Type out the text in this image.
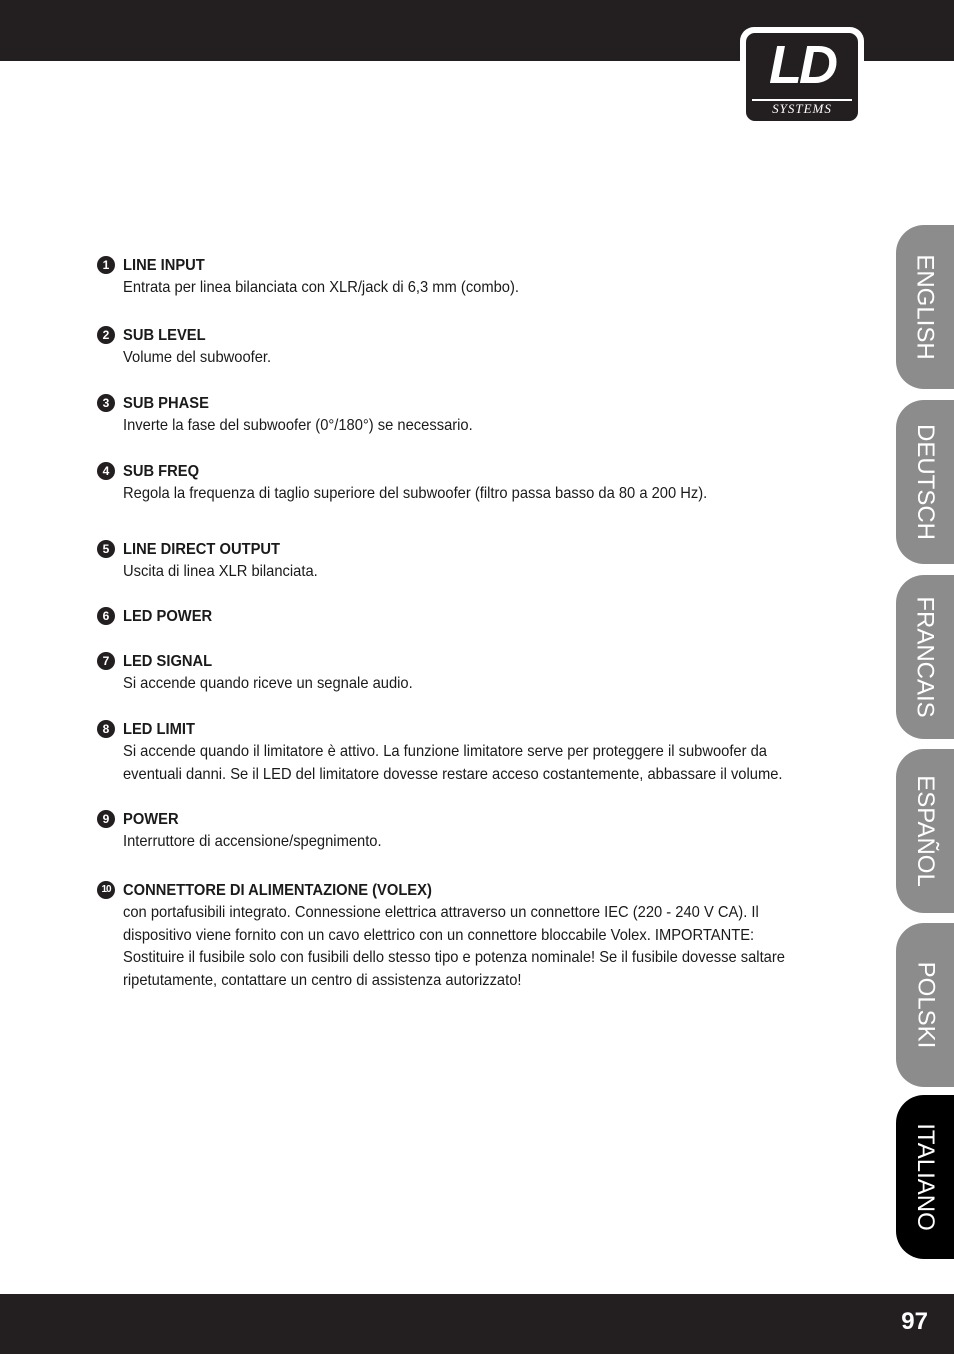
LD
SYSTEMS
1 LINE INPUT
Entrata per linea bilanciata con XLR/jack di 6,3 mm (combo).
2 SUB LEVEL
Volume del subwoofer.
3 SUB PHASE
Inverte la fase del subwoofer (0°/180°) se necessario.
4 SUB FREQ
Regola la frequenza di taglio superiore del subwoofer (filtro passa basso da 80 a 200 Hz).
5 LINE DIRECT OUTPUT
Uscita di linea XLR bilanciata.
6 LED POWER
7 LED SIGNAL
Si accende quando riceve un segnale audio.
8 LED LIMIT
Si accende quando il limitatore è attivo. La funzione limitatore serve per proteggere il subwoofer da eventuali danni. Se il LED del limitatore dovesse restare acceso costantemente, abbassare il volume.
9 POWER
Interruttore di accensione/spegnimento.
10 CONNETTORE DI ALIMENTAZIONE (VOLEX)
con portafusibili integrato. Connessione elettrica attraverso un connettore IEC (220 - 240 V CA). Il dispositivo viene fornito con un cavo elettrico con un connettore bloccabile Volex. IMPORTANTE: Sostituire il fusibile solo con fusibili dello stesso tipo e potenza nominale! Se il fusibile dovesse saltare ripetutamente, contattare un centro di assistenza autorizzato!
ENGLISH
DEUTSCH
FRANCAIS
ESPAÑOL
POLSKI
ITALIANO
97
